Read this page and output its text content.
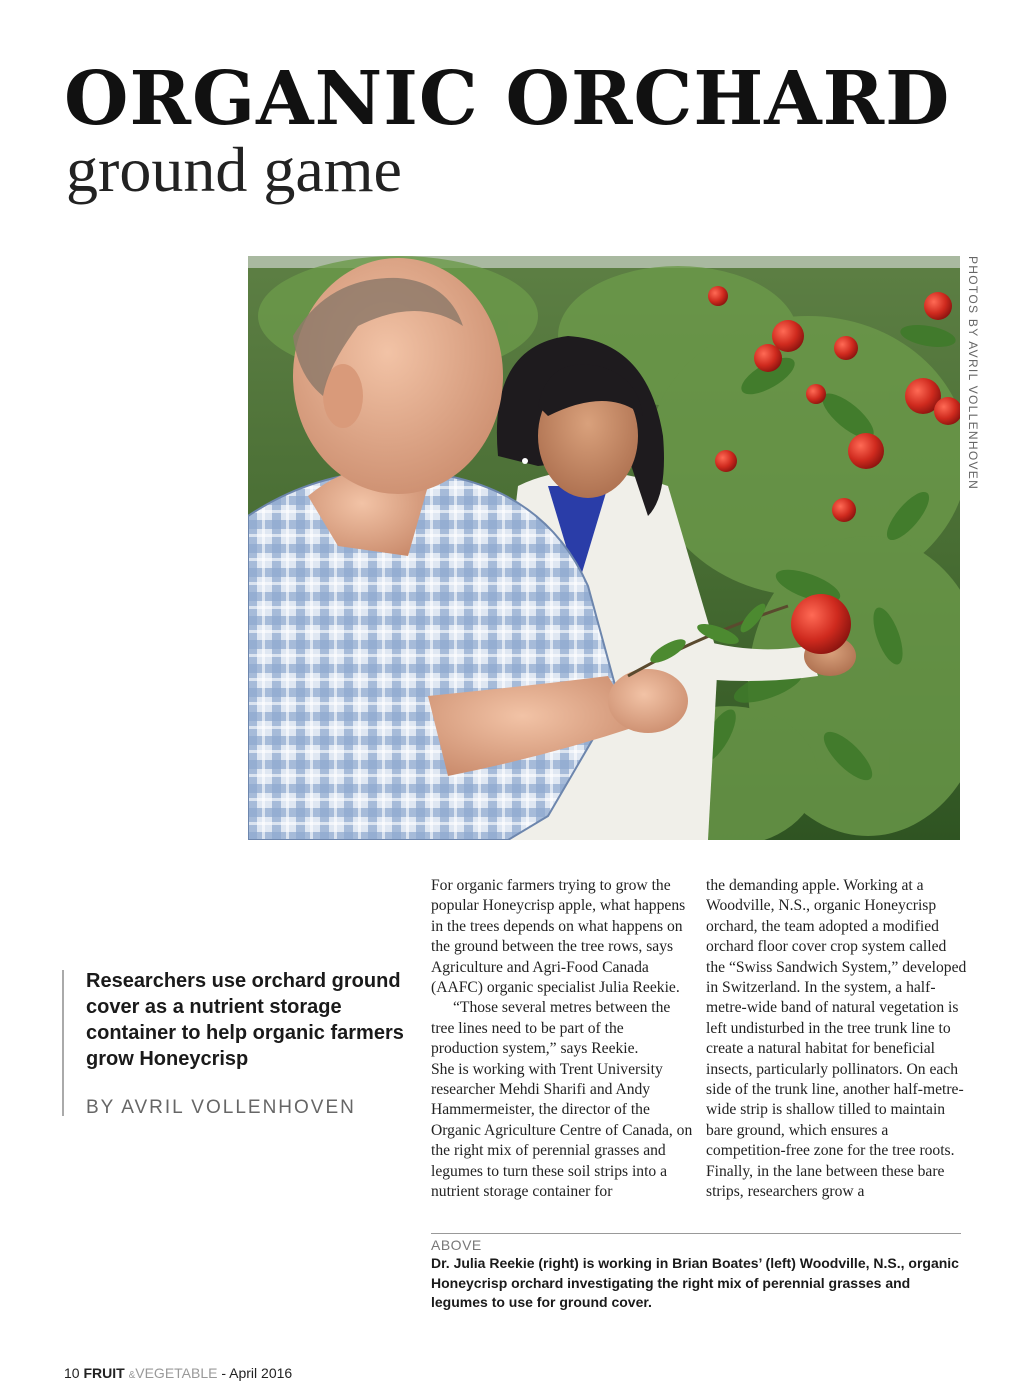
ORGANIC ORCHARD
ground game
PHOTOS BY AVRIL VOLLENHOVEN

Researchers use orchard ground cover as a nutrient storage container to help organic farmers grow Honeycrisp

BY AVRIL VOLLENHOVEN

For organic farmers trying to grow the popular Honeycrisp apple, what happens in the trees depends on what happens on the ground between the tree rows, says Agriculture and Agri-Food Canada (AAFC) organic specialist Julia Reekie.

“Those several metres between the tree lines need to be part of the production system,” says Reekie.

She is working with Trent University researcher Mehdi Sharifi and Andy Hammermeister, the director of the Organic Agriculture Centre of Canada, on the right mix of perennial grasses and legumes to turn these soil strips into a nutrient storage container for

the demanding apple. Working at a Woodville, N.S., organic Honeycrisp orchard, the team adopted a modified orchard floor cover crop system called the “Swiss Sandwich System,” developed in Switzerland. In the system, a half-metre-wide band of natural vegetation is left undisturbed in the tree trunk line to create a natural habitat for beneficial insects, particularly pollinators. On each side of the trunk line, another half-metre-wide strip is shallow tilled to maintain bare ground, which ensures a competition-free zone for the tree roots. Finally, in the lane between these bare strips, researchers grow a

ABOVE

Dr. Julia Reekie (right) is working in Brian Boates’ (left) Woodville, N.S., organic Honeycrisp orchard investigating the right mix of perennial grasses and legumes to use for ground cover.

10 FRUIT &VEGETABLE - April 2016
